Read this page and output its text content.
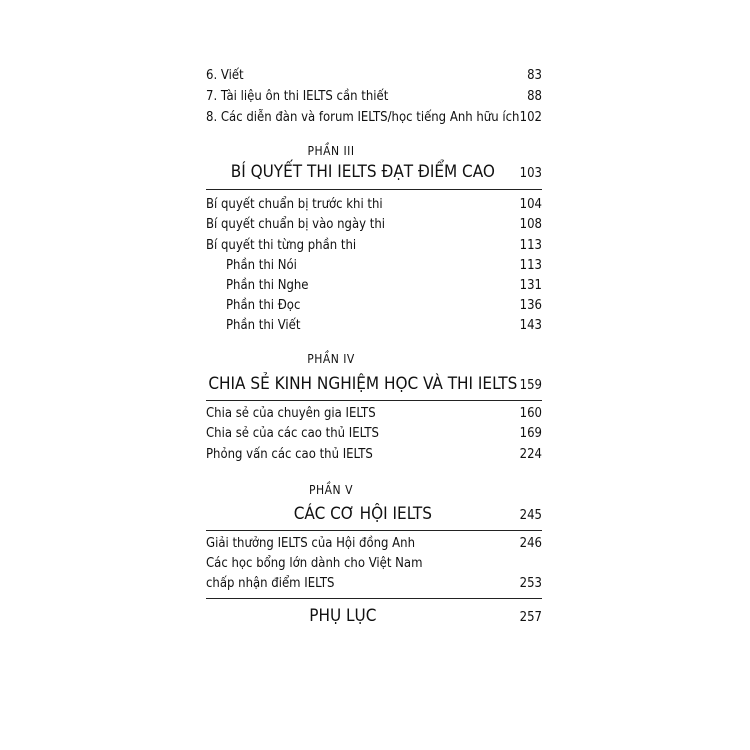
6. Viết	83
7. Tài liệu ôn thi IELTS cần thiết	88
8. Các diễn đàn và forum IELTS/học tiếng Anh hữu ích 102
PHẦN III
BÍ QUYẾT THI IELTS ĐẠT ĐIỂM CAO	103
Bí quyết chuẩn bị trước khi thi	104
Bí quyết chuẩn bị vào ngày thi	108
Bí quyết thi từng phần thi	113
Phần thi Nói	113
Phần thi Nghe	131
Phần thi Đọc	136
Phần thi Viết	143
PHẦN IV
CHIA SẺ KINH NGHIỆM HỌC VÀ THI IELTS 159
Chia sẻ của chuyên gia IELTS	160
Chia sẻ của các cao thủ IELTS	169
Phỏng vấn các cao thủ IELTS	224
PHẦN V
CÁC CƠ HỘI IELTS	245
Giải thưởng IELTS của Hội đồng Anh	246
Các học bổng lớn dành cho Việt Nam
chấp nhận điểm IELTS	253
PHỤ LỤC	257
